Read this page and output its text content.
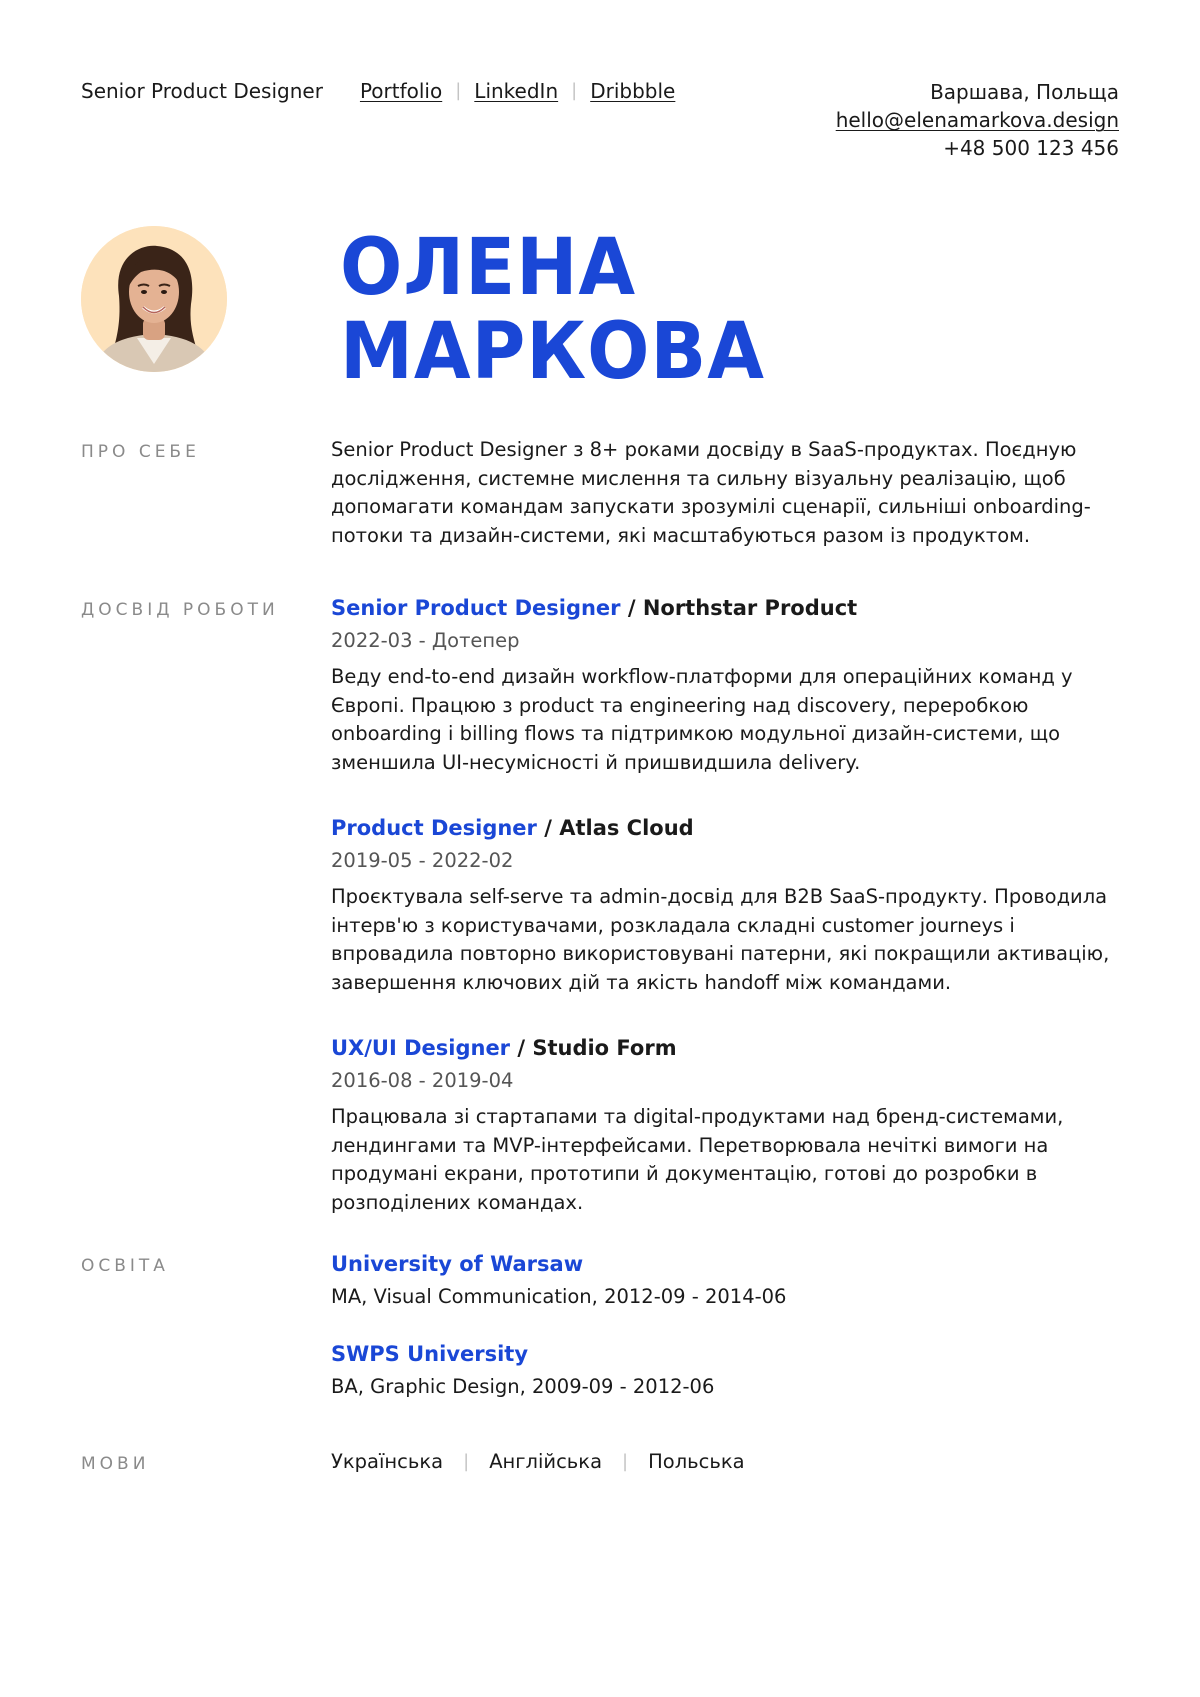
Senior Product Designer Portfolio | LinkedIn | Dribbble	Варшава, Польща
hello@elenamarkova.design
+48 500 123 456
ОЛЕНА
МАРКОВА
ПРО СЕБЕ	Senior Product Designer з 8+ роками досвіду в SaaS-продуктах. Поєдную дослідження, системне мислення та сильну візуальну реалізацію, щоб допомагати командам запускати зрозумілі сценарії, сильніші onboarding-потоки та дизайн-системи, які масштабуються разом із продуктом.
ДОСВІД РОБОТИ	Senior Product Designer / Northstar Product
2022-03 - Дотепер
Веду end-to-end дизайн workflow-платформи для операційних команд у Європі. Працюю з product та engineering над discovery, переробкою onboarding і billing flows та підтримкою модульної дизайн-системи, що зменшила UI-несумісності й пришвидшила delivery.
Product Designer / Atlas Cloud
2019-05 - 2022-02
Проєктувала self-serve та admin-досвід для B2B SaaS-продукту. Проводила інтерв'ю з користувачами, розкладала складні customer journeys і впровадила повторно використовувані патерни, які покращили активацію, завершення ключових дій та якість handoff між командами.
UX/UI Designer / Studio Form
2016-08 - 2019-04
Працювала зі стартапами та digital-продуктами над бренд-системами, лендингами та MVP-інтерфейсами. Перетворювала нечіткі вимоги на продумані екрани, прототипи й документацію, готові до розробки в розподілених командах.
ОСВІТА	University of Warsaw
MA, Visual Communication, 2012-09 - 2014-06
SWPS University
BA, Graphic Design, 2009-09 - 2012-06
МОВИ	Українська | Англійська | Польська
